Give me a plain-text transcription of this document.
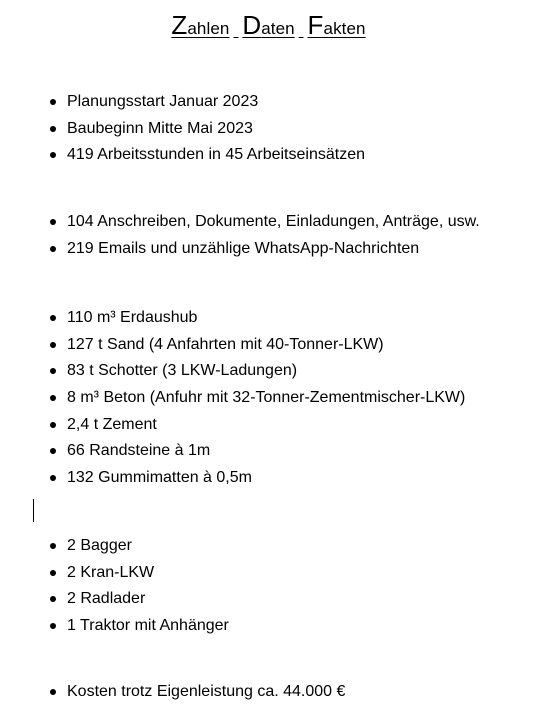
Zahlen Daten Fakten
Planungsstart Januar 2023
Baubeginn Mitte Mai 2023
419 Arbeitsstunden in 45 Arbeitseinsätzen
104 Anschreiben, Dokumente, Einladungen, Anträge, usw.
219 Emails und unzählige WhatsApp-Nachrichten
110 m³ Erdaushub
127 t Sand (4 Anfahrten mit 40-Tonner-LKW)
83 t Schotter (3 LKW-Ladungen)
8 m³ Beton (Anfuhr mit 32-Tonner-Zementmischer-LKW)
2,4 t Zement
66 Randsteine à 1m
132 Gummimatten à 0,5m
2 Bagger
2 Kran-LKW
2 Radlader
1 Traktor mit Anhänger
Kosten trotz Eigenleistung ca. 44.000 €
